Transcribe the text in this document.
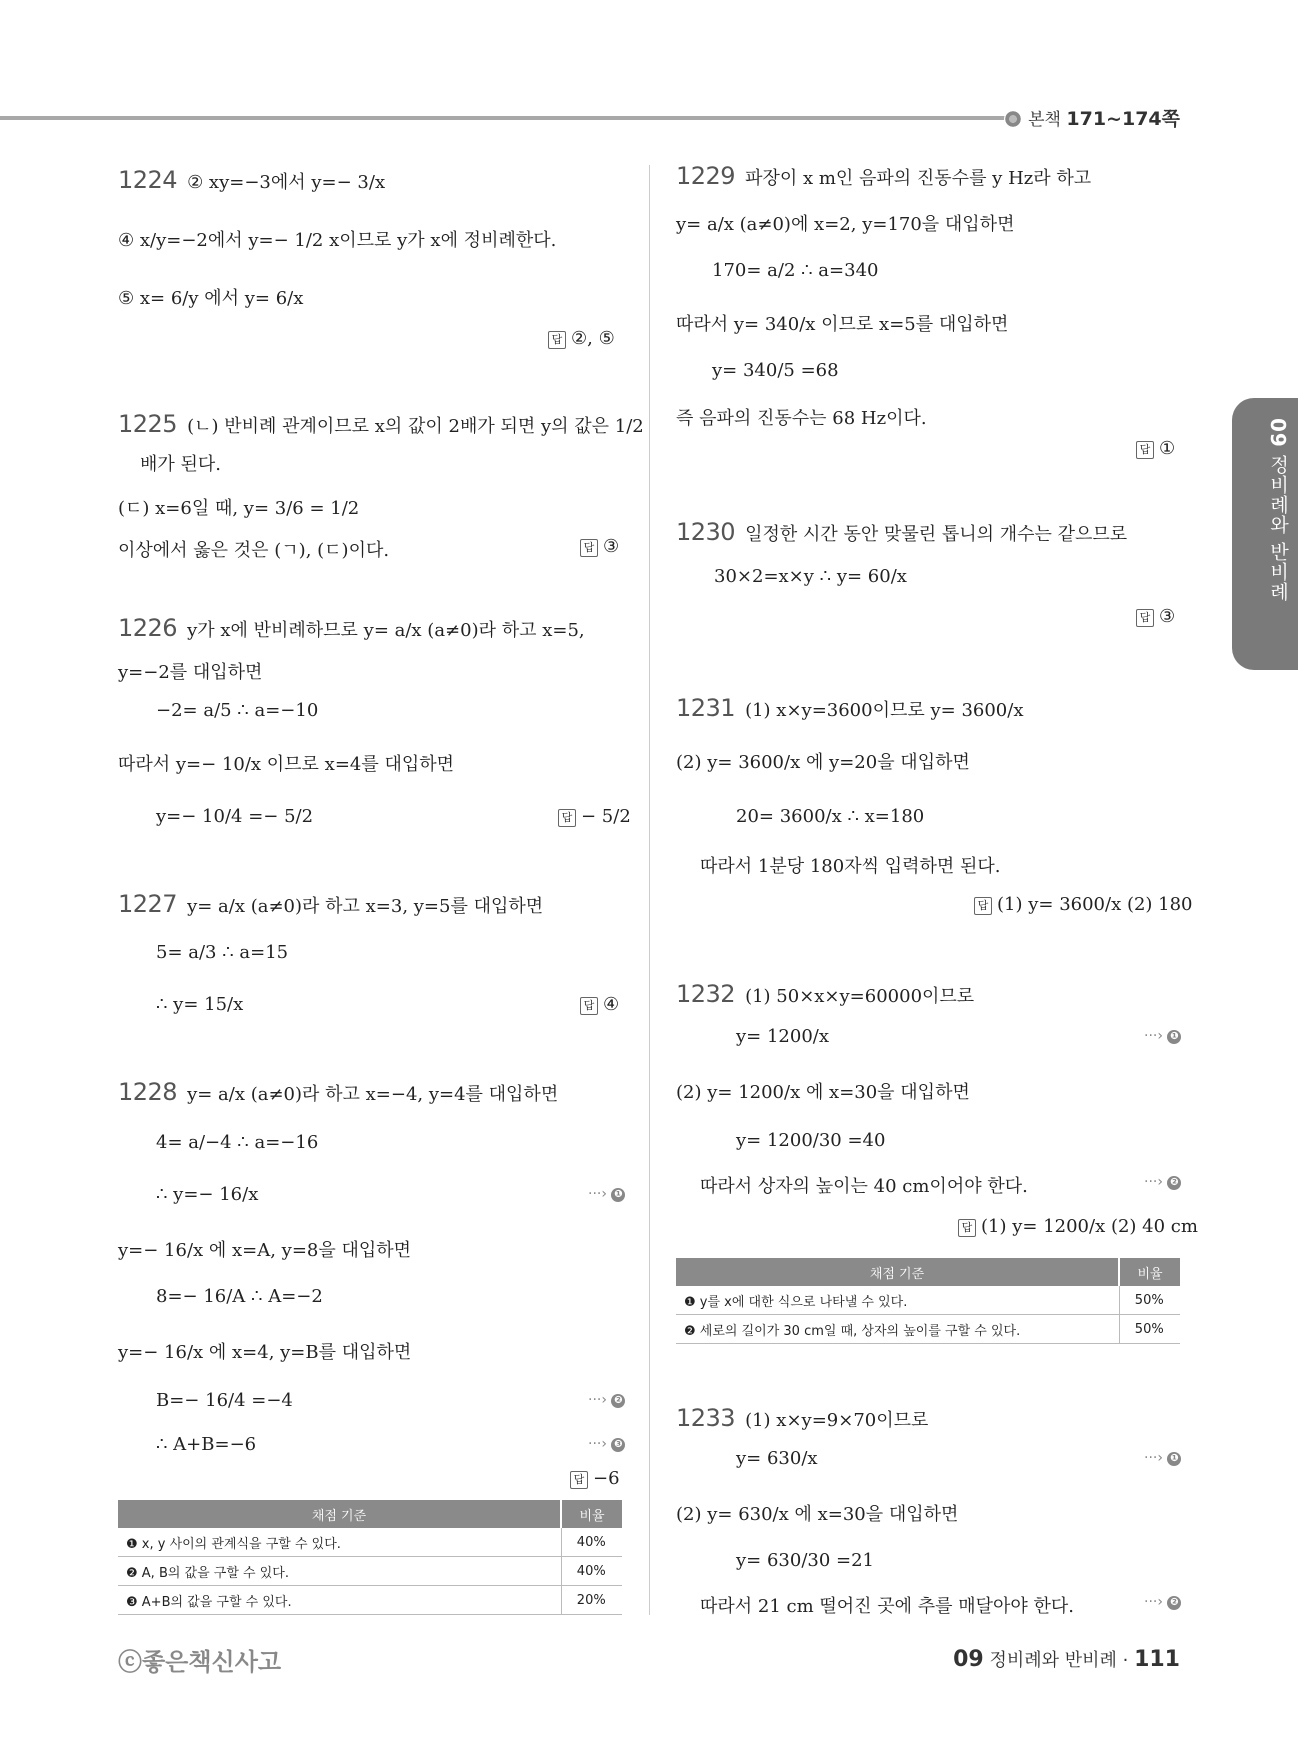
본책 171~174쪽
09 정비례와 반비례
1224 ② xy=−3에서 y=− 3/x
④ x/y=−2에서 y=− 1/2 x이므로 y가 x에 정비례한다.
⑤ x= 6/y 에서 y= 6/x
답 ②, ⑤
1225 (ㄴ) 반비례 관계이므로 x의 값이 2배가 되면 y의 값은 1/2
배가 된다.
(ㄷ) x=6일 때, y= 3/6 = 1/2
이상에서 옳은 것은 (ㄱ), (ㄷ)이다.	답 ③
1226 y가 x에 반비례하므로 y= a/x (a≠0)라 하고 x=5,
y=−2를 대입하면
−2= a/5 ∴ a=−10
따라서 y=− 10/x 이므로 x=4를 대입하면
y=− 10/4 =− 5/2	답 − 5/2
1227 y= a/x (a≠0)라 하고 x=3, y=5를 대입하면
5= a/3 ∴ a=15
∴ y= 15/x	답 ④
1228 y= a/x (a≠0)라 하고 x=−4, y=4를 대입하면
4= a/−4 ∴ a=−16
∴ y=− 16/x	···› ❶
y=− 16/x 에 x=A, y=8을 대입하면
8=− 16/A ∴ A=−2
y=− 16/x 에 x=4, y=B를 대입하면
B=− 16/4 =−4	···› ❷
∴ A+B=−6	···› ❸
답 −6
채점 기준	비율
❶ x, y 사이의 관계식을 구할 수 있다.	40%
❷ A, B의 값을 구할 수 있다.	40%
❸ A+B의 값을 구할 수 있다.	20%
1229 파장이 x m인 음파의 진동수를 y Hz라 하고
y= a/x (a≠0)에 x=2, y=170을 대입하면
170= a/2 ∴ a=340
따라서 y= 340/x 이므로 x=5를 대입하면
y= 340/5 =68
즉 음파의 진동수는 68 Hz이다.
답 ①
1230 일정한 시간 동안 맞물린 톱니의 개수는 같으므로
30×2=x×y ∴ y= 60/x
답 ③
1231 (1) x×y=3600이므로 y= 3600/x
(2) y= 3600/x 에 y=20을 대입하면
20= 3600/x ∴ x=180
따라서 1분당 180자씩 입력하면 된다.
답 (1) y= 3600/x (2) 180
1232 (1) 50×x×y=60000이므로
y= 1200/x	···› ❶
(2) y= 1200/x 에 x=30을 대입하면
y= 1200/30 =40
따라서 상자의 높이는 40 cm이어야 한다.	···› ❷
답 (1) y= 1200/x (2) 40 cm
채점 기준	비율
❶ y를 x에 대한 식으로 나타낼 수 있다.	50%
❷ 세로의 길이가 30 cm일 때, 상자의 높이를 구할 수 있다.	50%
1233 (1) x×y=9×70이므로
y= 630/x	···› ❶
(2) y= 630/x 에 x=30을 대입하면
y= 630/30 =21
따라서 21 cm 떨어진 곳에 추를 매달아야 한다.	···› ❷
ⓒ좋은책신사고	09 정비례와 반비례 · 111
